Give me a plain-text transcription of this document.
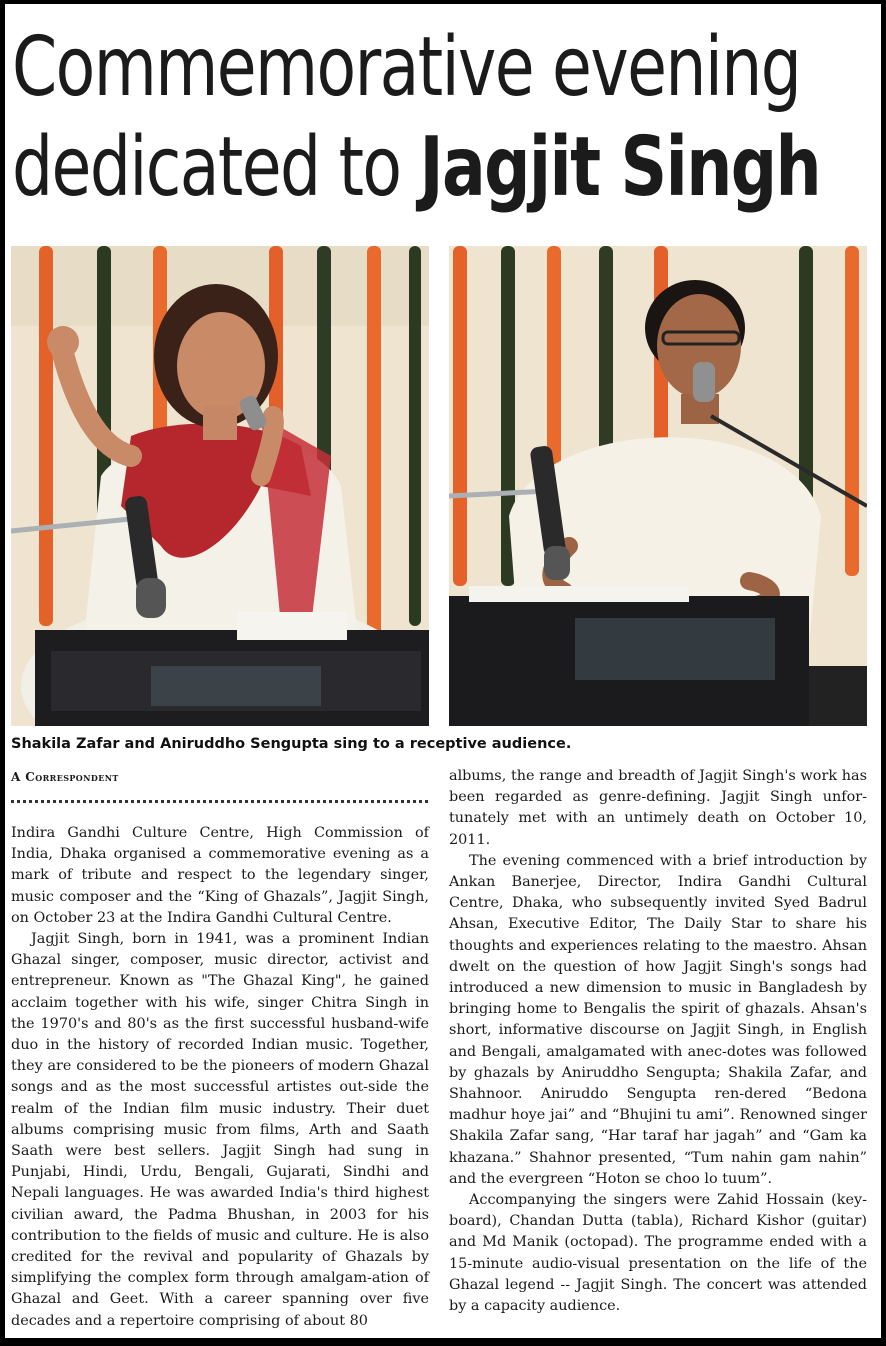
Commemorative evening
dedicated to Jagjit Singh
Shakila Zafar and Aniruddho Sengupta sing to a receptive audience.
A Correspondent

Indira Gandhi Culture Centre, High Commission of India, Dhaka organised a commemorative evening as a mark of tribute and respect to the legendary singer, music composer and the “King of Ghazals”, Jagjit Singh, on October 23 at the Indira Gandhi Cultural Centre.

Jagjit Singh, born in 1941, was a prominent Indian Ghazal singer, composer, music director, activist and entrepreneur. Known as "The Ghazal King", he gained acclaim together with his wife, singer Chitra Singh in the 1970's and 80's as the first successful husband-wife duo in the history of recorded Indian music. Together, they are considered to be the pioneers of modern Ghazal songs and as the most successful artistes out-side the realm of the Indian film music industry. Their duet albums comprising music from films, Arth and Saath Saath were best sellers. Jagjit Singh had sung in Punjabi, Hindi, Urdu, Bengali, Gujarati, Sindhi and Nepali languages. He was awarded India's third highest civilian award, the Padma Bhushan, in 2003 for his contribution to the fields of music and culture. He is also credited for the revival and popularity of Ghazals by simplifying the complex form through amalgam-ation of Ghazal and Geet. With a career spanning over five decades and a repertoire comprising of about 80

albums, the range and breadth of Jagjit Singh's work has been regarded as genre-defining. Jagjit Singh unfor-tunately met with an untimely death on October 10, 2011.

The evening commenced with a brief introduction by Ankan Banerjee, Director, Indira Gandhi Cultural Centre, Dhaka, who subsequently invited Syed Badrul Ahsan, Executive Editor, The Daily Star to share his thoughts and experiences relating to the maestro. Ahsan dwelt on the question of how Jagjit Singh's songs had introduced a new dimension to music in Bangladesh by bringing home to Bengalis the spirit of ghazals. Ahsan's short, informative discourse on Jagjit Singh, in English and Bengali, amalgamated with anec-dotes was followed by ghazals by Aniruddho Sengupta; Shakila Zafar, and Shahnoor. Aniruddo Sengupta ren-dered “Bedona madhur hoye jai” and “Bhujini tu ami”. Renowned singer Shakila Zafar sang, “Har taraf har jagah” and “Gam ka khazana.” Shahnor presented, “Tum nahin gam nahin” and the evergreen “Hoton se choo lo tuum”.

Accompanying the singers were Zahid Hossain (key-board), Chandan Dutta (tabla), Richard Kishor (guitar) and Md Manik (octopad). The programme ended with a 15-minute audio-visual presentation on the life of the Ghazal legend -- Jagjit Singh. The concert was attended by a capacity audience.
